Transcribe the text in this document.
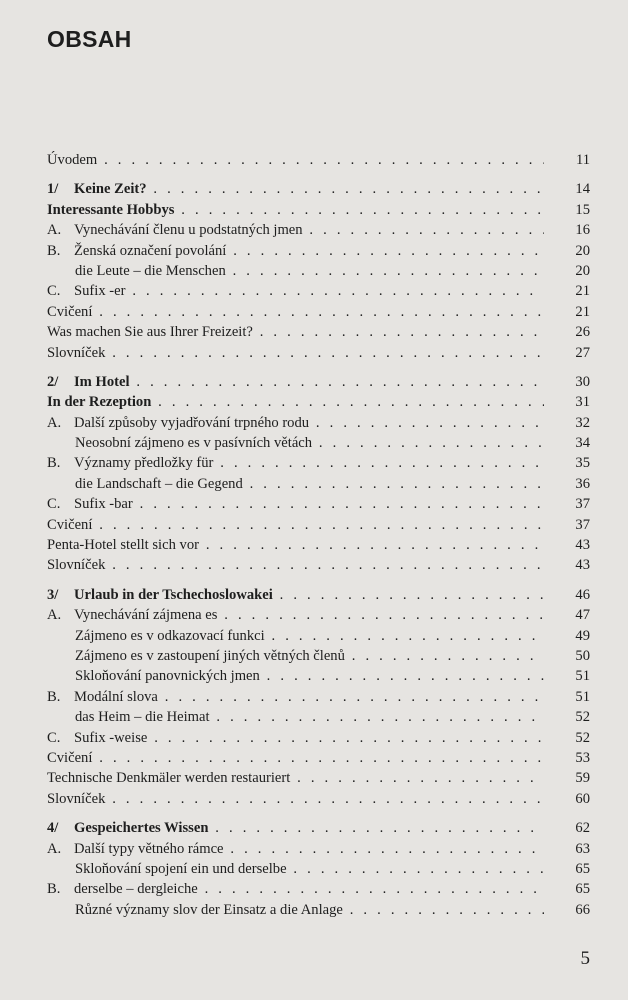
OBSAH
Úvodem . . .	11
1/ Keine Zeit? . . .	14
Interessante Hobbys . . .	15
A. Vynechávání členu u podstatných jmen . . .	16
B. Ženská označení povolání . . .	20
die Leute – die Menschen . . .	20
C. Sufix -er . . .	21
Cvičení . . .	21
Was machen Sie aus Ihrer Freizeit? . . .	26
Slovníček . . .	27
2/ Im Hotel . . .	30
In der Rezeption . . .	31
A. Další způsoby vyjadřování trpného rodu . . .	32
Neosobní zájmeno es v pasívních větách . . .	34
B. Významy předložky für . . .	35
die Landschaft – die Gegend . . .	36
C. Sufix -bar . . .	37
Cvičení . . .	37
Penta-Hotel stellt sich vor . . .	43
Slovníček . . .	43
3/ Urlaub in der Tschechoslowakei . . .	46
A. Vynechávání zájmena es . . .	47
Zájmeno es v odkazovací funkci . . .	49
Zájmeno es v zastoupení jiných větných členů . . .	50
Skloňování panovnických jmen . . .	51
B. Modální slova . . .	51
das Heim – die Heimat . . .	52
C. Sufix -weise . . .	52
Cvičení . . .	53
Technische Denkmäler werden restauriert . . .	59
Slovníček . . .	60
4/ Gespeichertes Wissen . . .	62
A. Další typy větného rámce . . .	63
Skloňování spojení ein und derselbe . . .	65
B. derselbe – dergleiche . . .	65
Různé významy slov der Einsatz a die Anlage . . .	66
5
